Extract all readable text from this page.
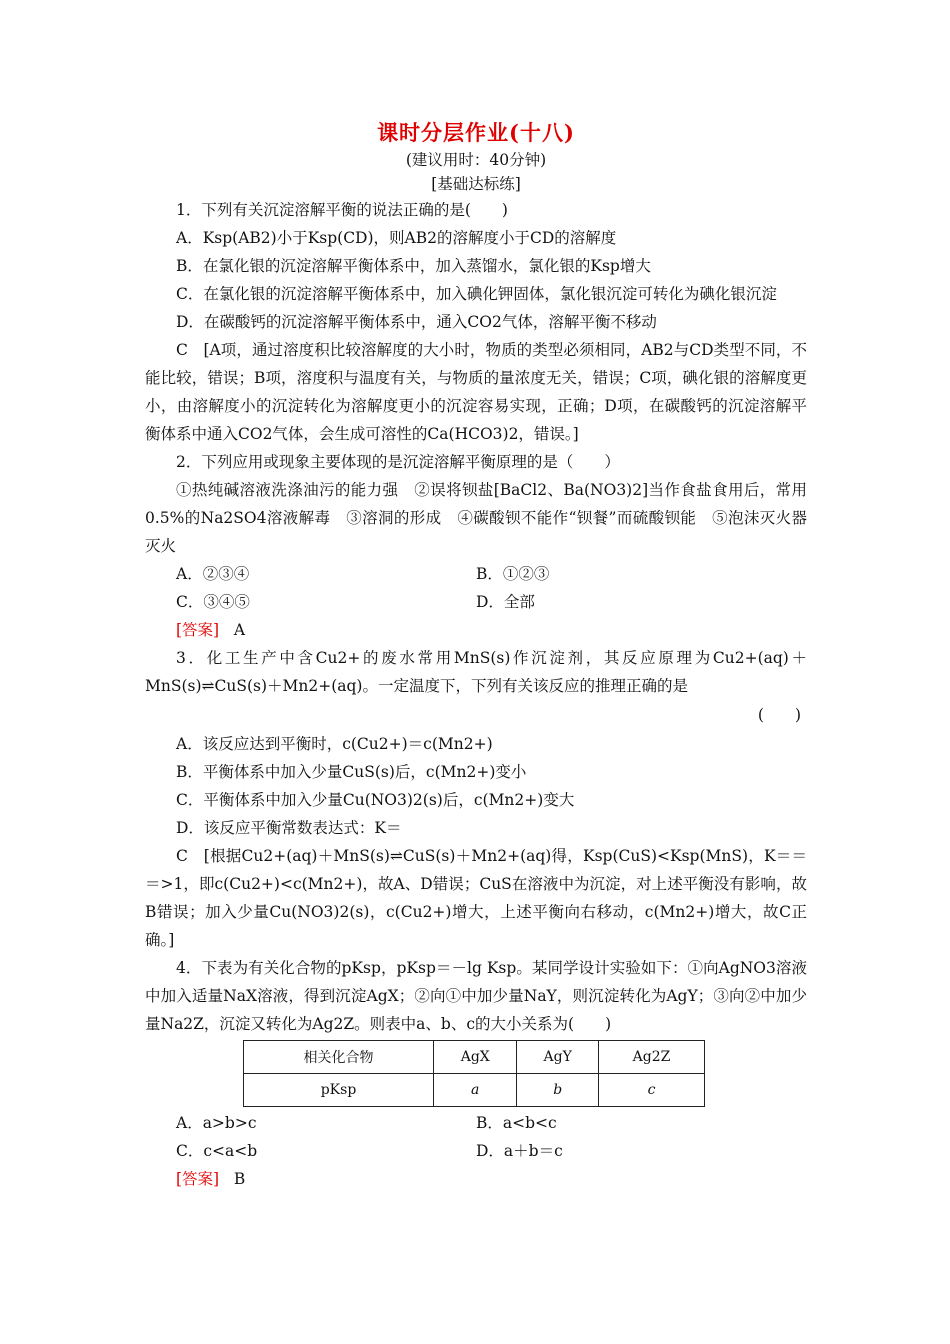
课时分层作业(十八)
(建议用时：40分钟)
[基础达标练]

1．下列有关沉淀溶解平衡的说法正确的是(　　)

A．Ksp(AB2)小于Ksp(CD)，则AB2的溶解度小于CD的溶解度

B．在氯化银的沉淀溶解平衡体系中，加入蒸馏水，氯化银的Ksp增大

C．在氯化银的沉淀溶解平衡体系中，加入碘化钾固体，氯化银沉淀可转化为碘化银沉淀

D．在碳酸钙的沉淀溶解平衡体系中，通入CO2气体，溶解平衡不移动

C　[A项，通过溶度积比较溶解度的大小时，物质的类型必须相同，AB2与CD类型不同，不能比较，错误；B项，溶度积与温度有关，与物质的量浓度无关，错误；C项，碘化银的溶解度更小，由溶解度小的沉淀转化为溶解度更小的沉淀容易实现，正确；D项，在碳酸钙的沉淀溶解平衡体系中通入CO2气体，会生成可溶性的Ca(HCO3)2，错误。]

2．下列应用或现象主要体现的是沉淀溶解平衡原理的是（　　）

①热纯碱溶液洗涤油污的能力强　②误将钡盐[BaCl2、Ba(NO3)2]当作食盐食用后，常用0.5%的Na2SO4溶液解毒　③溶洞的形成　④碳酸钡不能作“钡餐”而硫酸钡能　⑤泡沫灭火器灭火

A．②③④	B．①②③
C．③④⑤	D．全部
[答案] A

3．化工生产中含Cu2+的废水常用MnS(s)作沉淀剂，其反应原理为Cu2+(aq)＋MnS(s)⇌CuS(s)＋Mn2+(aq)。一定温度下，下列有关该反应的推理正确的是

(　　)

A．该反应达到平衡时，c(Cu2+)＝c(Mn2+)

B．平衡体系中加入少量CuS(s)后，c(Mn2+)变小

C．平衡体系中加入少量Cu(NO3)2(s)后，c(Mn2+)变大

D．该反应平衡常数表达式：K＝

C　[根据Cu2+(aq)＋MnS(s)⇌CuS(s)＋Mn2+(aq)得，Ksp(CuS)<Ksp(MnS)，K＝＝＝>1，即c(Cu2+)<c(Mn2+)，故A、D错误；CuS在溶液中为沉淀，对上述平衡没有影响，故B错误；加入少量Cu(NO3)2(s)，c(Cu2+)增大，上述平衡向右移动，c(Mn2+)增大，故C正确。]

4．下表为有关化合物的pKsp，pKsp＝－lg Ksp。某同学设计实验如下：①向AgNO3溶液中加入适量NaX溶液，得到沉淀AgX；②向①中加少量NaY，则沉淀转化为AgY；③向②中加少量Na2Z，沉淀又转化为Ag2Z。则表中a、b、c的大小关系为(　　)

相关化合物	AgX	AgY	Ag2Z
pKsp	a	b	c
A．a>b>c	B．a<b<c
C．c<a<b	D．a＋b＝c
[答案] B
